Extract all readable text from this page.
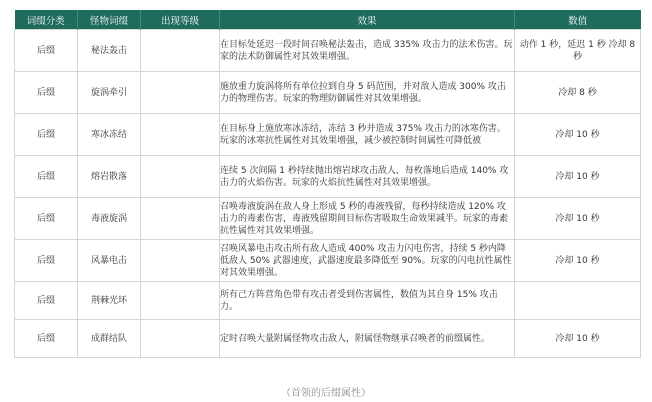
词缀分类	怪物词缀	出现等级	效果	数值
后缀	秘法轰击		在目标处延迟一段时间召唤秘法轰击，造成 335% 攻击力的法术伤害。玩家的法术防御属性对其效果增强。	动作 1 秒，延迟 1 秒 冷却 8 秒
后缀	旋涡牵引		施放重力旋涡将所有单位拉到自身 5 码范围，并对敌人造成 300% 攻击力的物理伤害。玩家的物理防御属性对其效果增强。	冷却 8 秒
后缀	寒冰冻结		在目标身上施放寒冰冻结，冻结 3 秒并造成 375% 攻击力的冰寒伤害。玩家的冰寒抗性属性对其效果增强，减少被控制时间属性可降低被	冷却 10 秒
后缀	熔岩散落		连续 5 次间隔 1 秒持续抛出熔岩球攻击敌人，每枚落地后造成 140% 攻击力的火焰伤害。玩家的火焰抗性属性对其效果增强。	冷却 10 秒
后缀	毒液旋涡		召唤毒液旋涡在敌人身上形成 5 秒的毒液残留，每秒持续造成 120% 攻击力的毒素伤害，毒液残留期间目标伤害吸取生命效果减半。玩家的毒素抗性属性对其效果增强。	冷却 10 秒
后缀	风暴电击		召唤风暴电击攻击所有敌人造成 400% 攻击力闪电伤害，持续 5 秒内降低敌人 50% 武器速度，武器速度最多降低至 90%。玩家的闪电抗性属性对其效果增强。	冷却 10 秒
后缀	荆棘光环		所有己方阵营角色带有攻击者受到伤害属性，数值为其自身 15% 攻击力。	
后缀	成群结队		定时召唤大量附属怪物攻击敌人，附属怪物继承召唤者的前缀属性。	冷却 10 秒
（首领的后缀属性）
